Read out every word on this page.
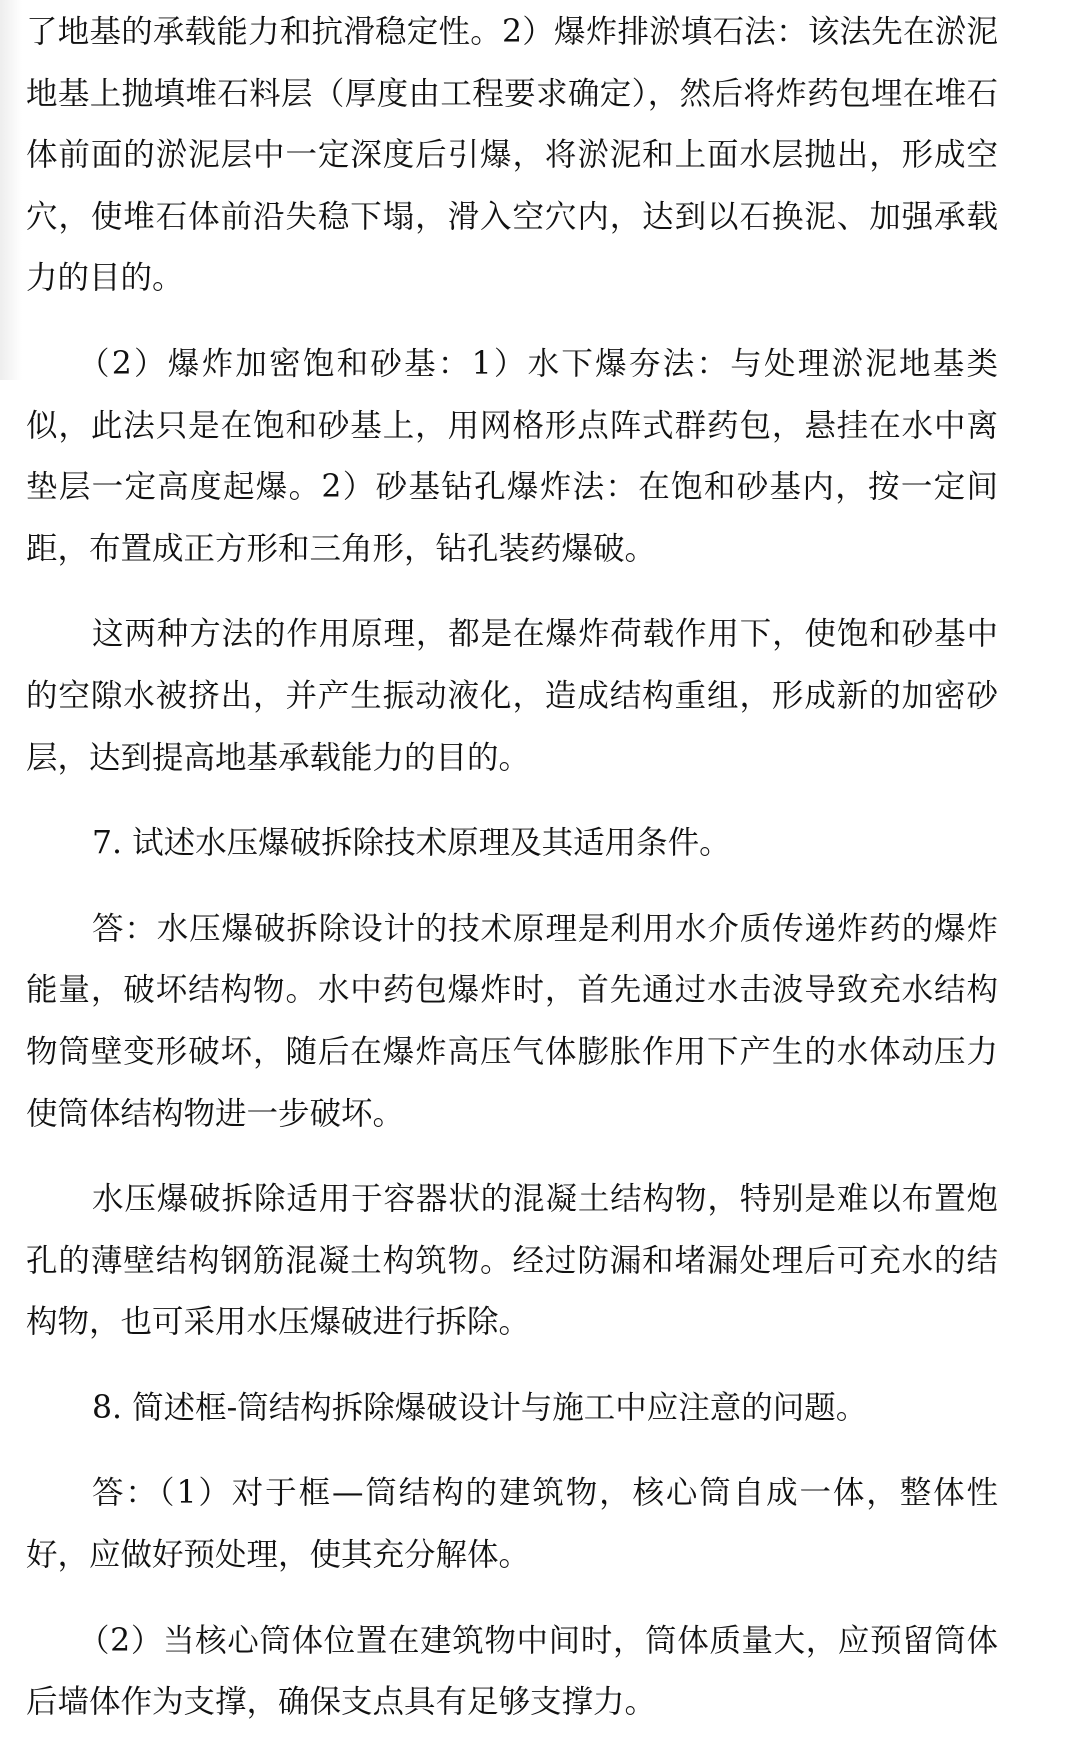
了地基的承载能力和抗滑稳定性。2）爆炸排淤填石法：该法先在淤泥地基上抛填堆石料层（厚度由工程要求确定），然后将炸药包埋在堆石体前面的淤泥层中一定深度后引爆，将淤泥和上面水层抛出，形成空穴，使堆石体前沿失稳下塌，滑入空穴内，达到以石换泥、加强承载力的目的。

（2）爆炸加密饱和砂基：1）水下爆夯法：与处理淤泥地基类似，此法只是在饱和砂基上，用网格形点阵式群药包，悬挂在水中离垫层一定高度起爆。2）砂基钻孔爆炸法：在饱和砂基内，按一定间距，布置成正方形和三角形，钻孔装药爆破。

这两种方法的作用原理，都是在爆炸荷载作用下，使饱和砂基中的空隙水被挤出，并产生振动液化，造成结构重组，形成新的加密砂层，达到提高地基承载能力的目的。

7. 试述水压爆破拆除技术原理及其适用条件。

答：水压爆破拆除设计的技术原理是利用水介质传递炸药的爆炸能量，破坏结构物。水中药包爆炸时，首先通过水击波导致充水结构物筒壁变形破坏，随后在爆炸高压气体膨胀作用下产生的水体动压力使筒体结构物进一步破坏。

水压爆破拆除适用于容器状的混凝土结构物，特别是难以布置炮孔的薄壁结构钢筋混凝土构筑物。经过防漏和堵漏处理后可充水的结构物，也可采用水压爆破进行拆除。

8. 简述框-筒结构拆除爆破设计与施工中应注意的问题。

答：（1）对于框—筒结构的建筑物，核心筒自成一体，整体性好，应做好预处理，使其充分解体。

（2）当核心筒体位置在建筑物中间时，筒体质量大，应预留筒体后墙体作为支撑，确保支点具有足够支撑力。
